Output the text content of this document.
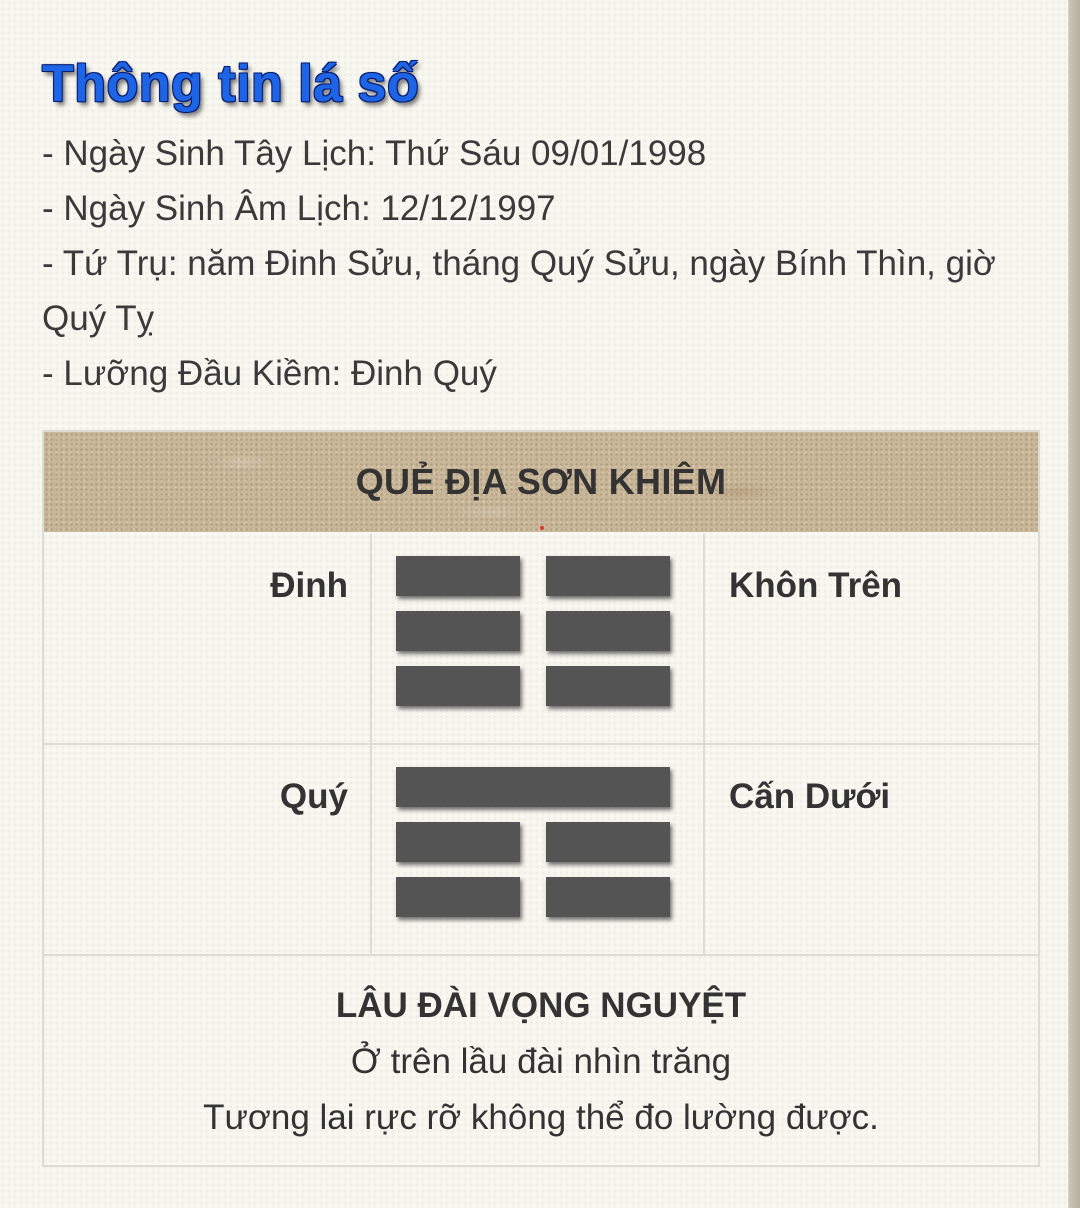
Thông tin lá số
- Ngày Sinh Tây Lịch: Thứ Sáu 09/01/1998
- Ngày Sinh Âm Lịch: 12/12/1997
- Tứ Trụ: năm Đinh Sửu, tháng Quý Sửu, ngày Bính Thìn, giờ Quý Tỵ
- Lưỡng Đầu Kiềm: Đinh Quý
QUẺ ĐỊA SƠN KHIÊM
Đinh	Khôn Trên
Quý	Cấn Dưới
LÂU ĐÀI VỌNG NGUYỆT
Ở trên lầu đài nhìn trăng
Tương lai rực rỡ không thể đo lường được.
